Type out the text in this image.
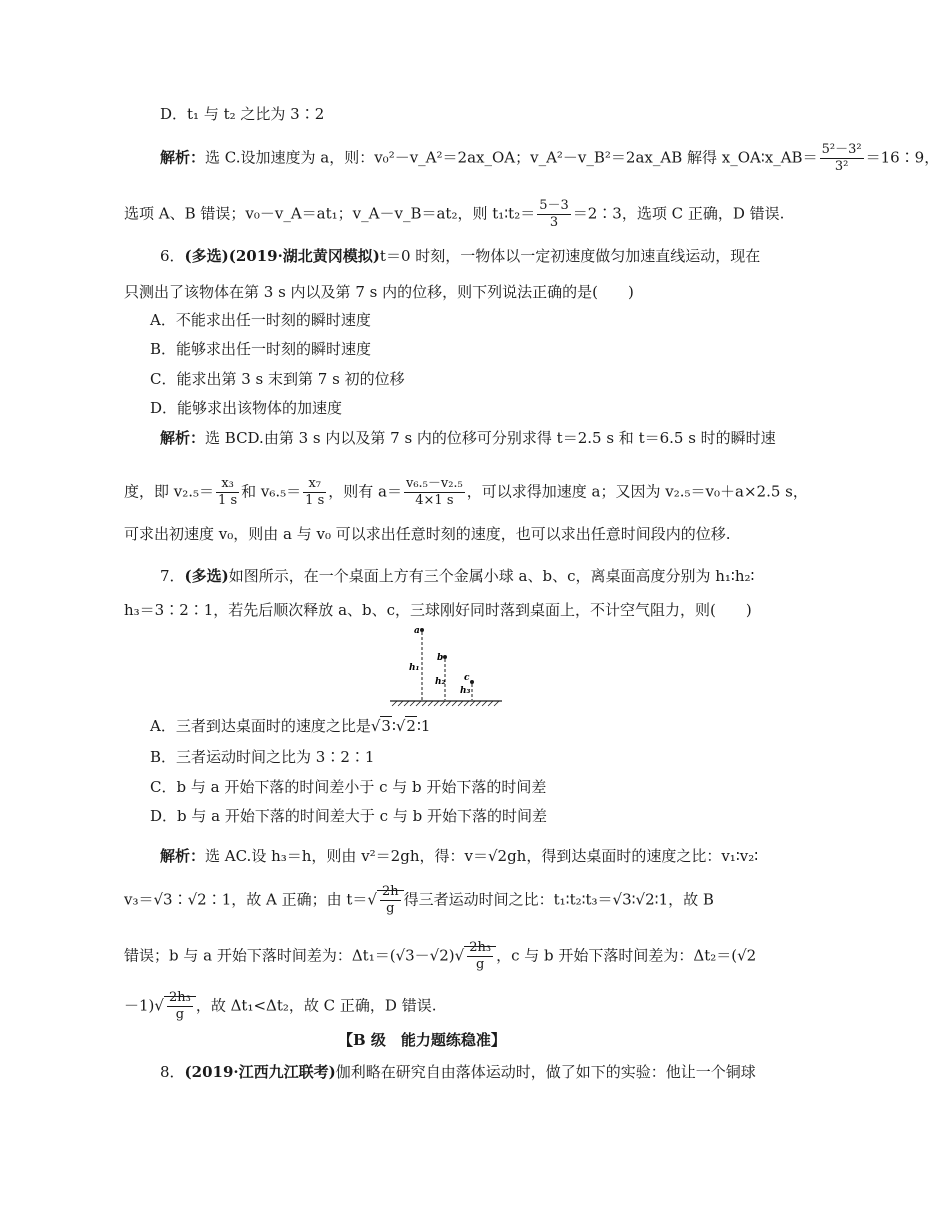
D．t₁ 与 t₂ 之比为 3∶2
解析：选 C.设加速度为 a，则：v₀²－v_A²＝2ax_OA；v_A²－v_B²＝2ax_AB 解得 x_OA∶x_AB＝ $\frac{\text{5²－3²}}{\text{3²}}$ ＝16∶9，
选项 A、B 错误；v₀－v_A＝at₁；v_A－v_B＝at₂，则 t₁∶t₂＝ $\frac{5-3}{3}$ ＝2∶3，选项 C 正确，D 错误.
6．(多选)(2019·湖北黄冈模拟)t＝0 时刻，一物体以一定初速度做匀加速直线运动，现在
只测出了该物体在第 3 s 内以及第 7 s 内的位移，则下列说法正确的是(　　)
A．不能求出任一时刻的瞬时速度
B．能够求出任一时刻的瞬时速度
C．能求出第 3 s 末到第 7 s 初的位移
D．能够求出该物体的加速度
解析：选 BCD.由第 3 s 内以及第 7 s 内的位移可分别求得 t＝2.5 s 和 t＝6.5 s 时的瞬时速
度，即 $v_2._5= \frac{\text{x₃}}{1 s}$ 和 $v_6._5= \frac{\text{x₇}}{1 s}$ ，则有 $a= \frac{\text{v₆.₅－v₂.₅}}{4\times 1 s}$ ，可以求得加速度 a；又因为 v₂.₅＝v₀＋a×2.5 s，
可求出初速度 v₀，则由 a 与 v₀ 可以求出任意时刻的速度，也可以求出任意时间段内的位移.
7．(多选)如图所示，在一个桌面上方有三个金属小球 a、b、c，离桌面高度分别为 h₁∶h₂∶
h₃＝3∶2∶1，若先后顺次释放 a、b、c，三球刚好同时落到桌面上，不计空气阻力，则(　　)
a
h₁
b
h₂ c
h₃
A．三者到达桌面时的速度之比是√3∶√2∶1
B．三者运动时间之比为 3∶2∶1
C．b 与 a 开始下落的时间差小于 c 与 b 开始下落的时间差
D．b 与 a 开始下落的时间差大于 c 与 b 开始下落的时间差
解析：选 AC.设 h₃＝h，则由 v²＝2gh，得：v＝√2gh，得到达桌面时的速度之比：v₁∶v₂∶
v₃＝√3∶√2∶1，故 A 正确；由 $t=√ \frac{2h}{g}$ 得三者运动时间之比：t₁∶t₂∶t₃＝√3∶√2∶1，故 B
错误；b 与 a 开始下落时间差为：$\Delta t_1=(√3-√2)√ \frac{\text{2h₃}}{g}$ ，c 与 b 开始下落时间差为：Δt₂＝(√2
$-1)√ \frac{\text{2h₃}}{g}$ ，故 Δt₁<Δt₂，故 C 正确，D 错误.
【B 级　能力题练稳准】
8．(2019·江西九江联考)伽利略在研究自由落体运动时，做了如下的实验：他让一个铜球
